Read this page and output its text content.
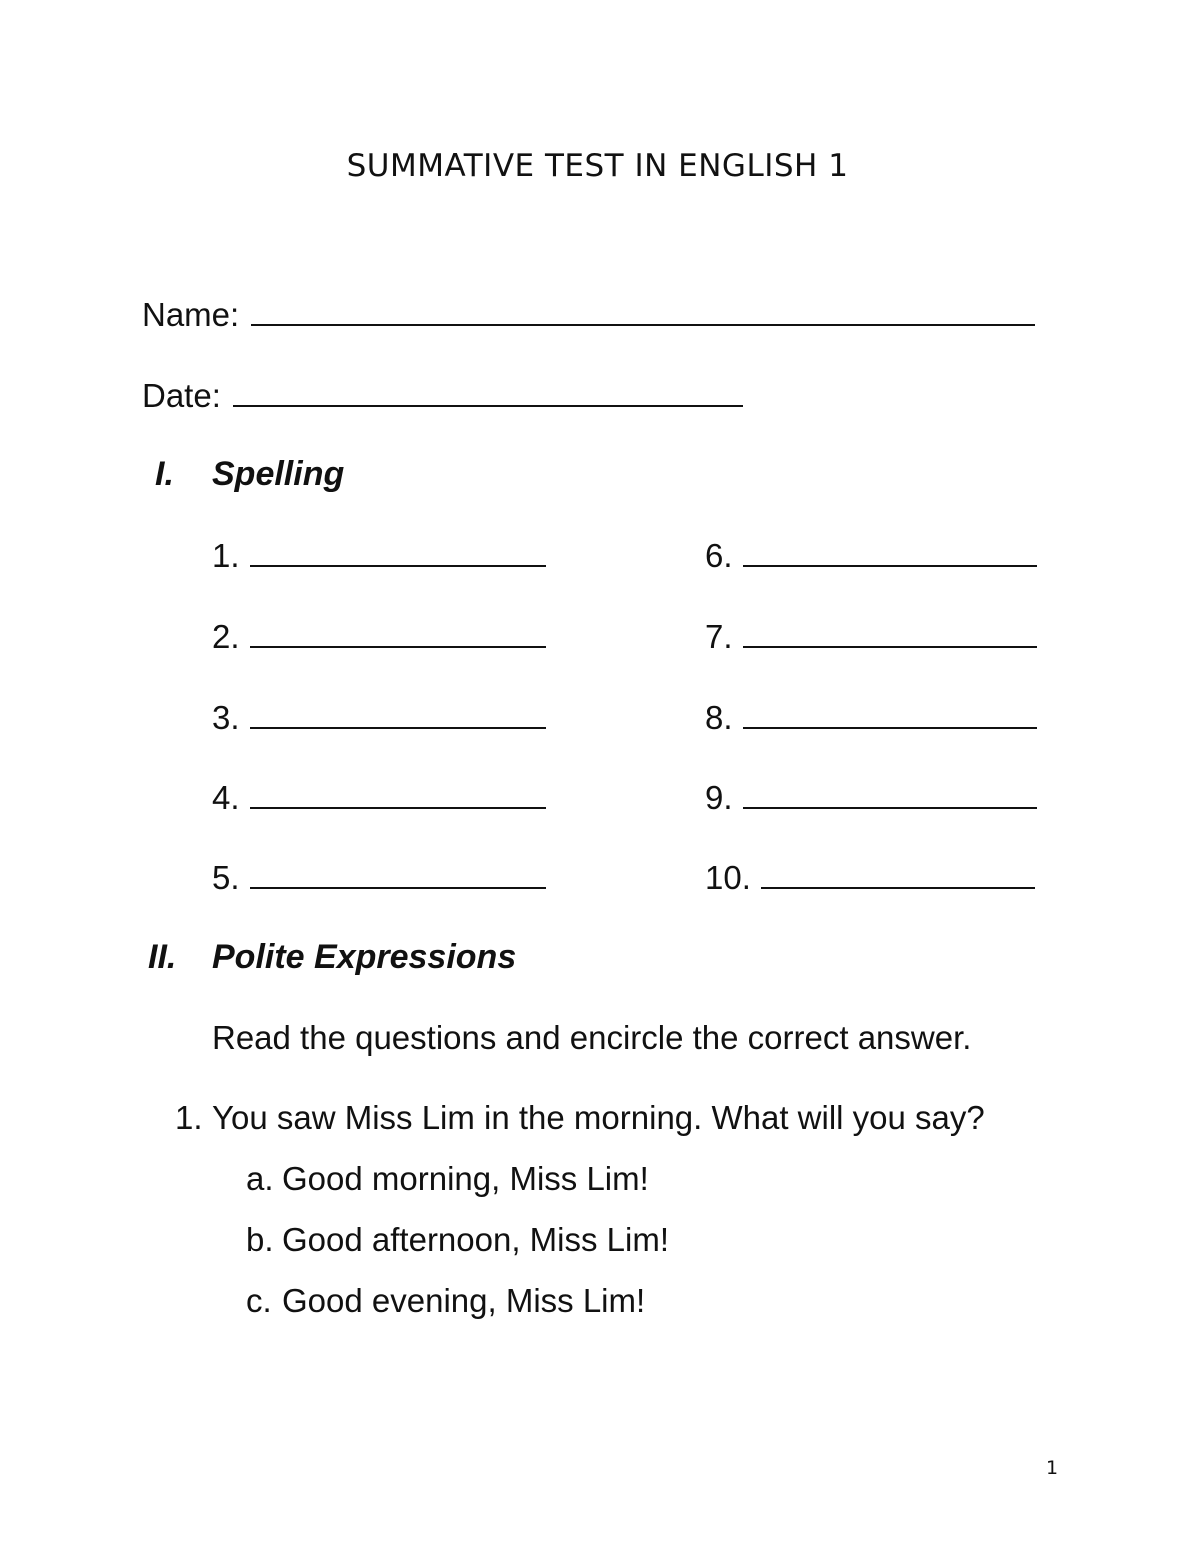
SUMMATIVE TEST IN ENGLISH 1
Name:
Date:
I. Spelling
1.
2.
3.
4.
5.
6.
7.
8.
9.
10.
II. Polite Expressions
Read the questions and encircle the correct answer.
1. You saw Miss Lim in the morning. What will you say?
a. Good morning, Miss Lim!
b. Good afternoon, Miss Lim!
c. Good evening, Miss Lim!
1
